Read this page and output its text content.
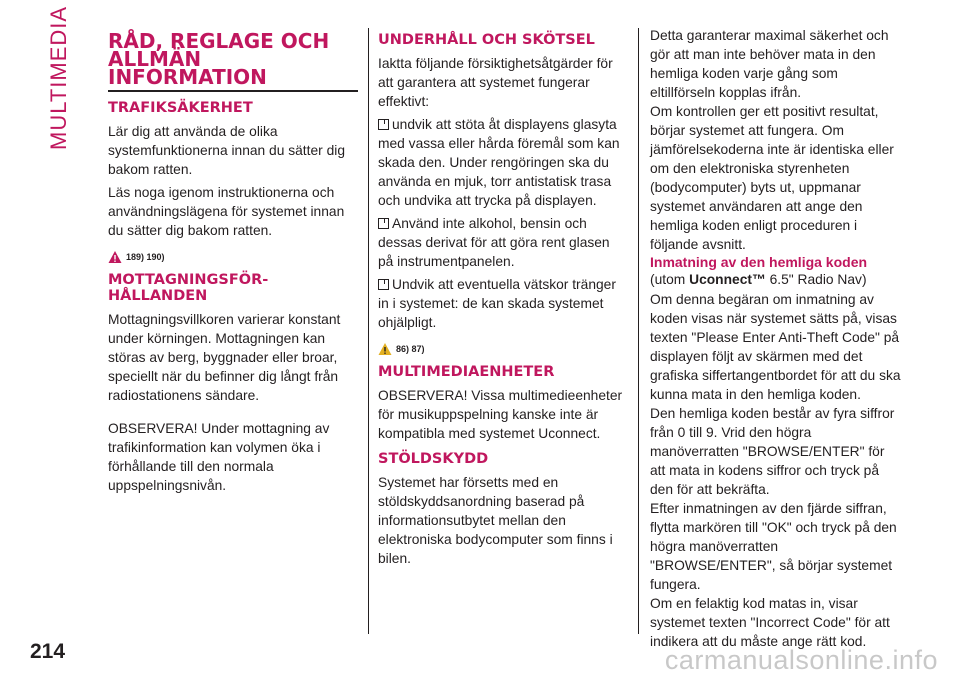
MULTIMEDIA RÅD, REGLAGE OCH ALLMÄN INFORMATION
TRAFIKSÄKERHET

Lär dig att använda de olika systemfunktionerna innan du sätter dig bakom ratten.

Läs noga igenom instruktionerna och användningslägena för systemet innan du sätter dig bakom ratten.

189) 190)
MOTTAGNINGSFÖR-HÅLLANDEN

Mottagningsvillkoren varierar konstant under körningen. Mottagningen kan störas av berg, byggnader eller broar, speciellt när du befinner dig långt från radiostationens sändare.

OBSERVERA! Under mottagning av trafikinformation kan volymen öka i förhållande till den normala uppspelningsnivån.

UNDERHÅLL OCH SKÖTSEL

Iaktta följande försiktighetsåtgärder för att garantera att systemet fungerar effektivt:

undvik att stöta åt displayens glasyta med vassa eller hårda föremål som kan skada den. Under rengöringen ska du använda en mjuk, torr antistatisk trasa och undvika att trycka på displayen.

Använd inte alkohol, bensin och dessas derivat för att göra rent glasen på instrumentpanelen.

Undvik att eventuella vätskor tränger in i systemet: de kan skada systemet ohjälpligt.

86) 87)
MULTIMEDIAENHETER

OBSERVERA! Vissa multimedieenheter för musikuppspelning kanske inte är kompatibla med systemet Uconnect.

STÖLDSKYDD

Systemet har försetts med en stöldskyddsanordning baserad på informationsutbytet mellan den elektroniska bodycomputer som finns i bilen.

Detta garanterar maximal säkerhet och gör att man inte behöver mata in den hemliga koden varje gång som eltillförseln kopplas ifrån.

Om kontrollen ger ett positivt resultat, börjar systemet att fungera. Om jämförelsekoderna inte är identiska eller om den elektroniska styrenheten (bodycomputer) byts ut, uppmanar systemet användaren att ange den hemliga koden enligt proceduren i följande avsnitt.

Inmatning av den hemliga koden
(utom Uconnect™ 6.5" Radio Nav)

Om denna begäran om inmatning av koden visas när systemet sätts på, visas texten "Please Enter Anti-Theft Code" på displayen följt av skärmen med det grafiska siffertangentbordet för att du ska kunna mata in den hemliga koden.

Den hemliga koden består av fyra siffror från 0 till 9. Vrid den högra manöverratten "BROWSE/ENTER" för att mata in kodens siffror och tryck på den för att bekräfta.

Efter inmatningen av den fjärde siffran, flytta markören till "OK" och tryck på den högra manöverratten "BROWSE/ENTER", så börjar systemet fungera.

Om en felaktig kod matas in, visar systemet texten "Incorrect Code" för att indikera att du måste ange rätt kod.

214	carmanualsonline.info
